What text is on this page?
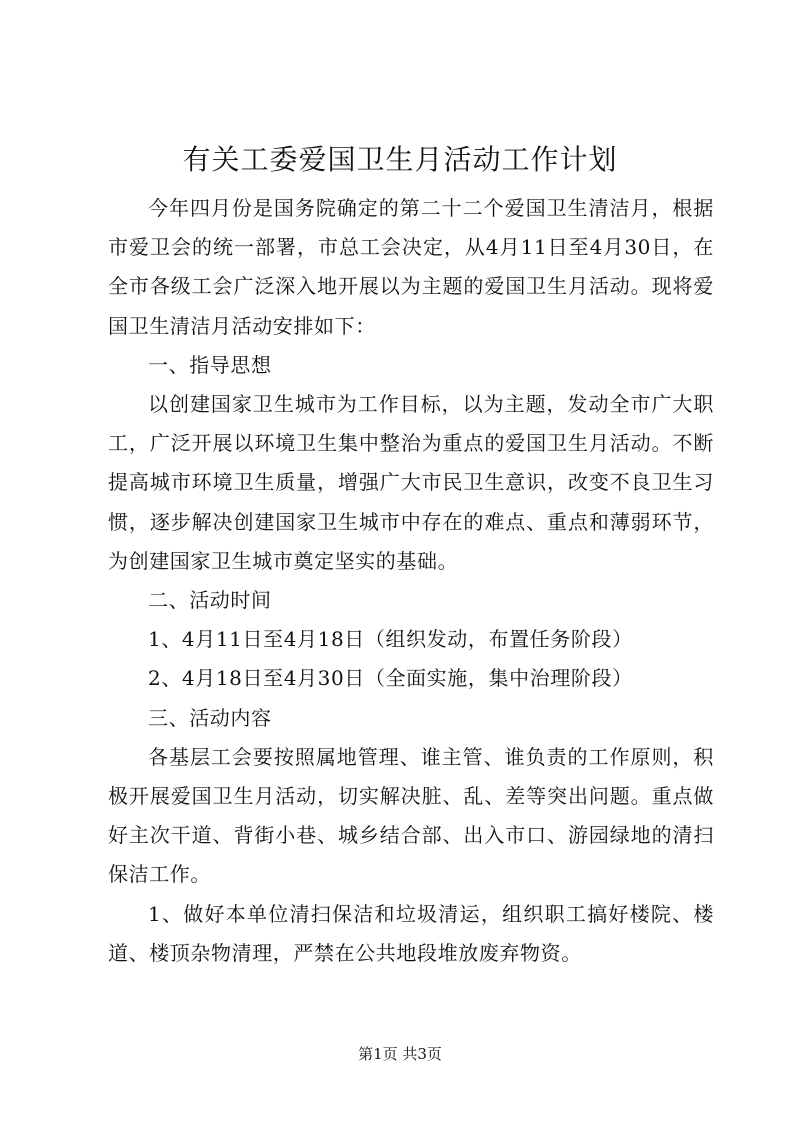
有关工委爱国卫生月活动工作计划

今年四月份是国务院确定的第二十二个爱国卫生清洁月，根据市爱卫会的统一部署，市总工会决定，从4月11日至4月30日，在全市各级工会广泛深入地开展以为主题的爱国卫生月活动。现将爱国卫生清洁月活动安排如下：

一、指导思想

以创建国家卫生城市为工作目标，以为主题，发动全市广大职工，广泛开展以环境卫生集中整治为重点的爱国卫生月活动。不断提高城市环境卫生质量，增强广大市民卫生意识，改变不良卫生习惯，逐步解决创建国家卫生城市中存在的难点、重点和薄弱环节，为创建国家卫生城市奠定坚实的基础。

二、活动时间

1、4月11日至4月18日（组织发动，布置任务阶段）

2、4月18日至4月30日（全面实施，集中治理阶段）

三、活动内容

各基层工会要按照属地管理、谁主管、谁负责的工作原则，积极开展爱国卫生月活动，切实解决脏、乱、差等突出问题。重点做好主次干道、背街小巷、城乡结合部、出入市口、游园绿地的清扫保洁工作。

1、做好本单位清扫保洁和垃圾清运，组织职工搞好楼院、楼道、楼顶杂物清理，严禁在公共地段堆放废弃物资。

第1页 共3页
